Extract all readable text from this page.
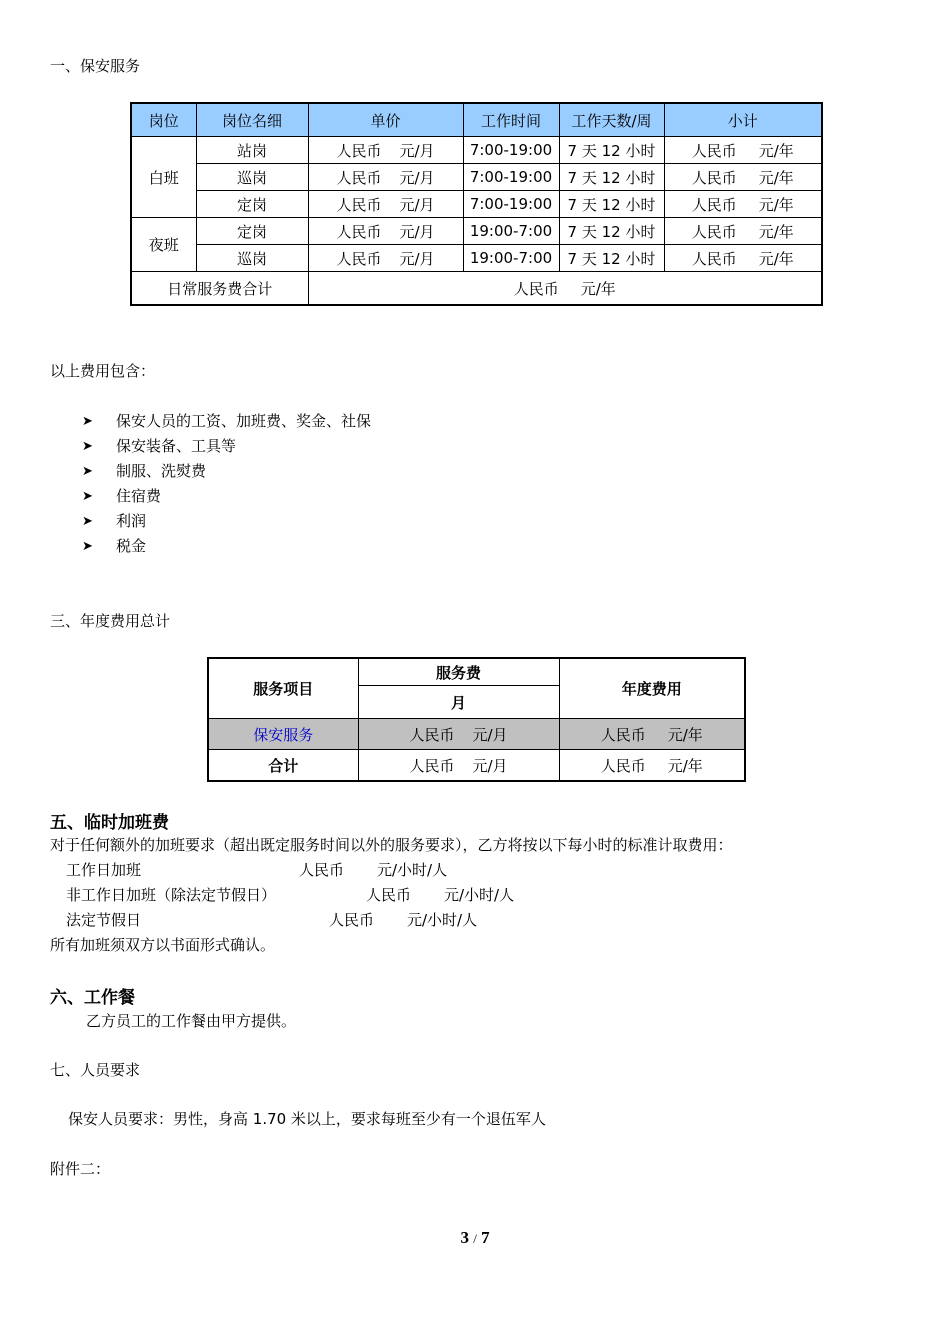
一、保安服务
岗位	岗位名细	单价	工作时间	工作天数/周	小计
白班	站岗	人民币 元/月	7:00-19:00	7 天 12 小时	人民币 元/年
	巡岗	人民币 元/月	7:00-19:00	7 天 12 小时	人民币 元/年
	定岗	人民币 元/月	7:00-19:00	7 天 12 小时	人民币 元/年
夜班	定岗	人民币 元/月	19:00-7:00	7 天 12 小时	人民币 元/年
	巡岗	人民币 元/月	19:00-7:00	7 天 12 小时	人民币 元/年
日常服务费合计		人民币 元/年			
以上费用包含：
➤	保安人员的工资、加班费、奖金、社保
➤	保安装备、工具等
➤	制服、洗熨费
➤	住宿费
➤	利润
➤	税金
三、年度费用总计
服务项目	服务费	年度费用
	月	
保安服务	人民币 元/月	人民币 元/年
合计	人民币 元/月	人民币 元/年
五、临时加班费
对于任何额外的加班要求（超出既定服务时间以外的服务要求），乙方将按以下每小时的标准计取费用：
工作日加班	人民币 元/小时/人
非工作日加班（除法定节假日）	人民币 元/小时/人
法定节假日	人民币 元/小时/人
所有加班须双方以书面形式确认。
六、工作餐
乙方员工的工作餐由甲方提供。
七、人员要求
保安人员要求：男性，身高 1.70 米以上，要求每班至少有一个退伍军人
附件二：
3 / 7
